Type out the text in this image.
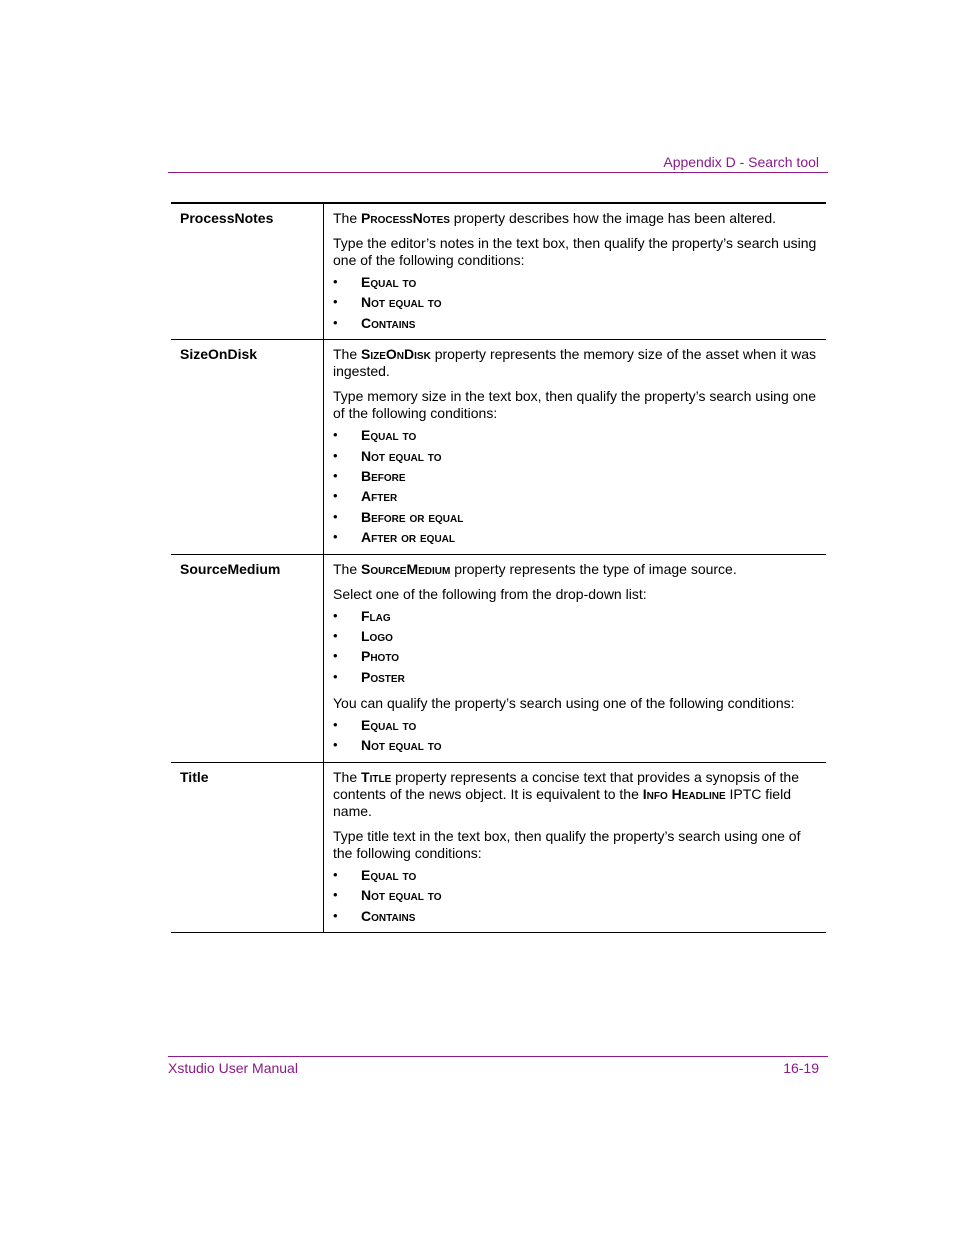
Appendix D - Search tool
ProcessNotes	The ProcessNotes property describes how the image has been altered.

Type the editor’s notes in the text box, then qualify the property’s search using one of the following conditions:

• Equal to
• Not equal to
• Contains
SizeOnDisk	The SizeOnDisk property represents the memory size of the asset when it was ingested.

Type memory size in the text box, then qualify the property’s search using one of the following conditions:

• Equal to
• Not equal to
• Before
• After
• Before or equal
• After or equal
SourceMedium	The SourceMedium property represents the type of image source.

Select one of the following from the drop-down list:

• Flag
• Logo
• Photo
• Poster

You can qualify the property’s search using one of the following conditions:

• Equal to
• Not equal to
Title	The Title property represents a concise text that provides a synopsis of the contents of the news object. It is equivalent to the Info Headline IPTC field name.

Type title text in the text box, then qualify the property’s search using one of the following conditions:

• Equal to
• Not equal to
• Contains
Xstudio User Manual	16-19
